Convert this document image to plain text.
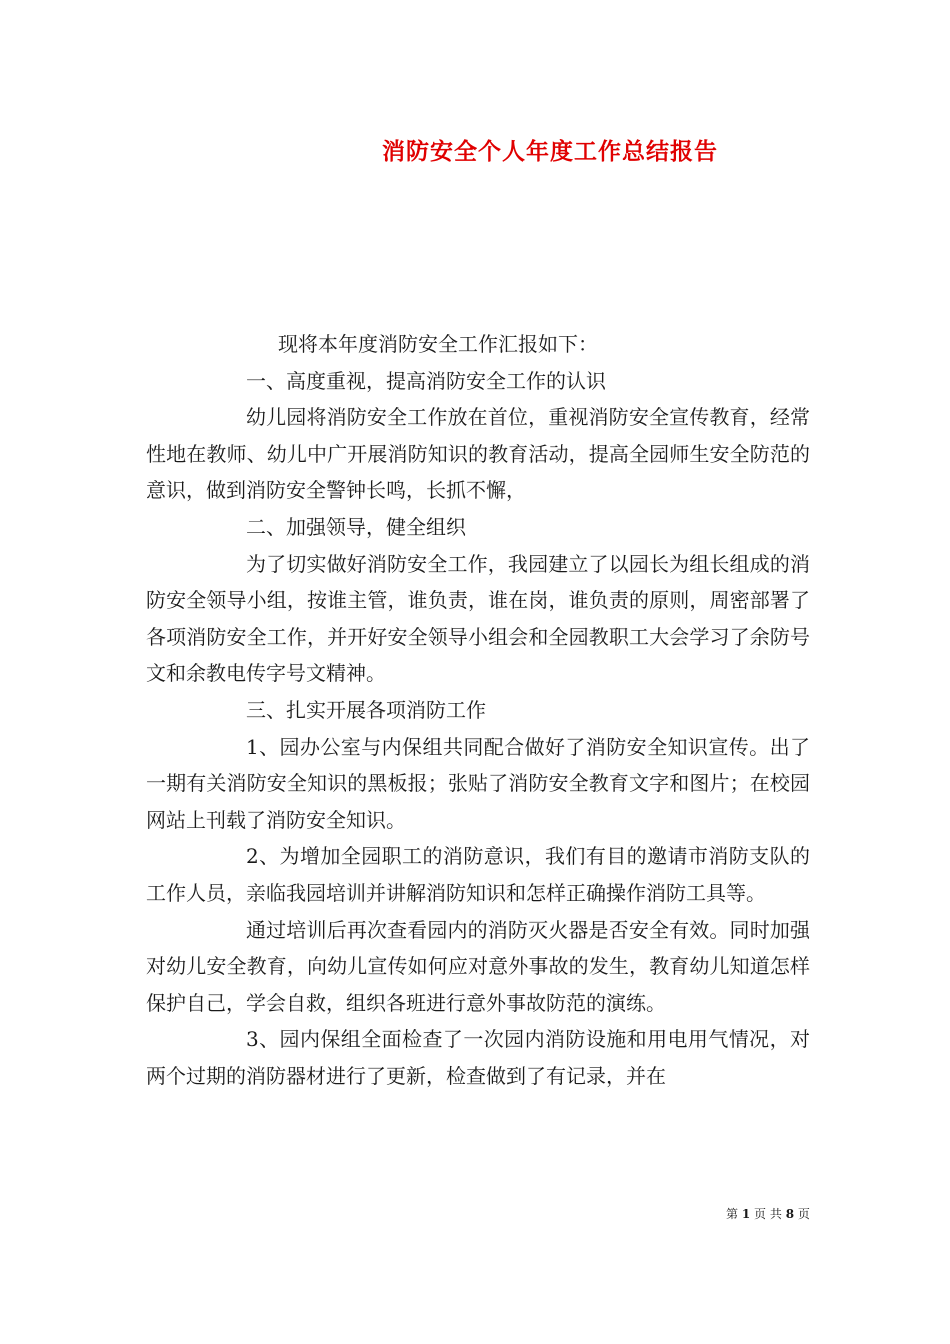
消防安全个人年度工作总结报告

现将本年度消防安全工作汇报如下：

一、高度重视，提高消防安全工作的认识

幼儿园将消防安全工作放在首位，重视消防安全宣传教育，经常性地在教师、幼儿中广开展消防知识的教育活动，提高全园师生安全防范的意识，做到消防安全警钟长鸣，长抓不懈，

二、加强领导，健全组织

为了切实做好消防安全工作，我园建立了以园长为组长组成的消防安全领导小组，按谁主管，谁负责，谁在岗，谁负责的原则，周密部署了各项消防安全工作，并开好安全领导小组会和全园教职工大会学习了余防号文和余教电传字号文精神。

三、扎实开展各项消防工作

1、园办公室与内保组共同配合做好了消防安全知识宣传。出了一期有关消防安全知识的黑板报；张贴了消防安全教育文字和图片；在校园网站上刊载了消防安全知识。

2、为增加全园职工的消防意识，我们有目的邀请市消防支队的工作人员，亲临我园培训并讲解消防知识和怎样正确操作消防工具等。

通过培训后再次查看园内的消防灭火器是否安全有效。同时加强对幼儿安全教育，向幼儿宣传如何应对意外事故的发生，教育幼儿知道怎样保护自己，学会自救，组织各班进行意外事故防范的演练。

3、园内保组全面检查了一次园内消防设施和用电用气情况，对两个过期的消防器材进行了更新，检查做到了有记录，并在

第 1 页 共 8 页
